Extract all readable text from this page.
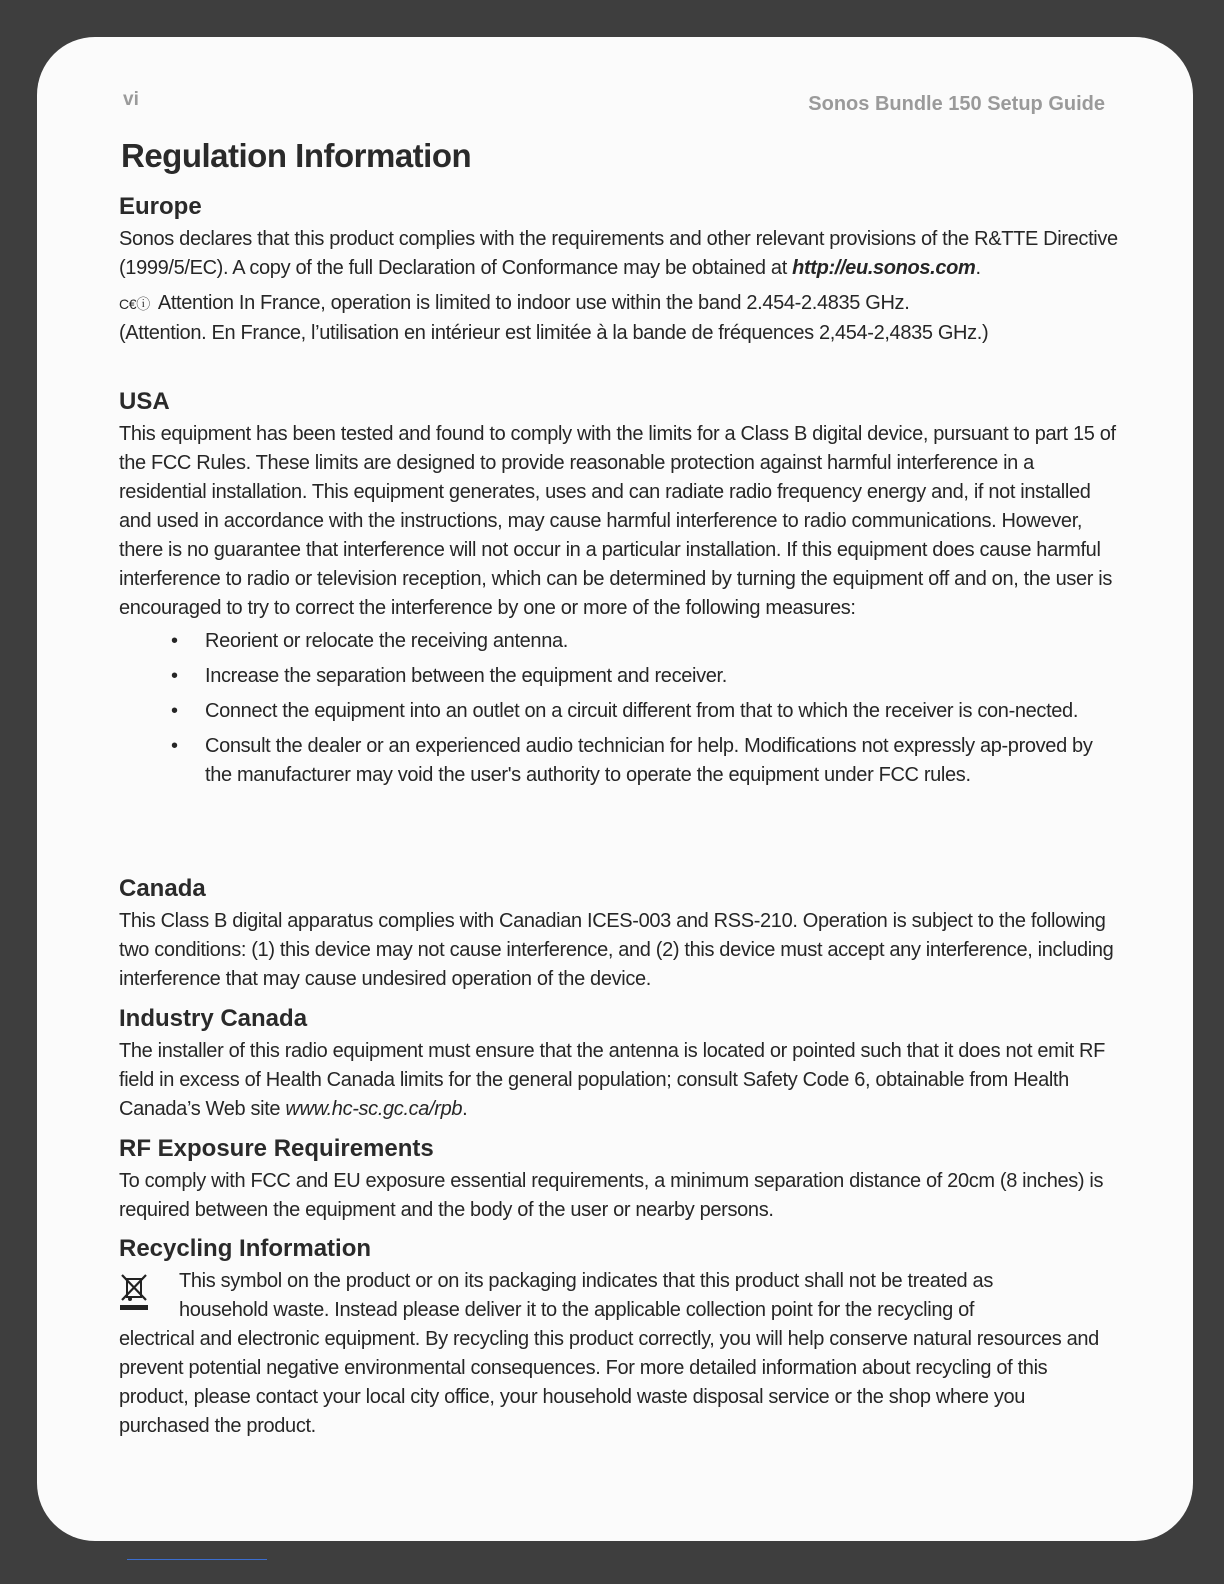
vi	Sonos Bundle 150 Setup Guide
Regulation Information
Europe

Sonos declares that this product complies with the requirements and other relevant provisions of the R&TTE Directive (1999/5/EC). A copy of the full Declaration of Conformance may be obtained at http://eu.sonos.com.

C€ⓘ Attention In France, operation is limited to indoor use within the band 2.454-2.4835 GHz.
(Attention. En France, l’utilisation en intérieur est limitée à la bande de fréquences 2,454-2,4835 GHz.)

USA

This equipment has been tested and found to comply with the limits for a Class B digital device, pursuant to part 15 of the FCC Rules. These limits are designed to provide reasonable protection against harmful interference in a residential installation. This equipment generates, uses and can radiate radio frequency energy and, if not installed and used in accordance with the instructions, may cause harmful interference to radio communications. However, there is no guarantee that interference will not occur in a particular installation. If this equipment does cause harmful interference to radio or television reception, which can be determined by turning the equipment off and on, the user is encouraged to try to correct the interference by one or more of the following measures:

• Reorient or relocate the receiving antenna.
• Increase the separation between the equipment and receiver.
• Connect the equipment into an outlet on a circuit different from that to which the receiver is con-nected.
• Consult the dealer or an experienced audio technician for help. Modifications not expressly ap-proved by the manufacturer may void the user's authority to operate the equipment under FCC rules.
Canada

This Class B digital apparatus complies with Canadian ICES-003 and RSS-210. Operation is subject to the following two conditions: (1) this device may not cause interference, and (2) this device must accept any interference, including interference that may cause undesired operation of the device.

Industry Canada

The installer of this radio equipment must ensure that the antenna is located or pointed such that it does not emit RF field in excess of Health Canada limits for the general population; consult Safety Code 6, obtainable from Health Canada’s Web site www.hc-sc.gc.ca/rpb.

RF Exposure Requirements

To comply with FCC and EU exposure essential requirements, a minimum separation distance of 20cm (8 inches) is required between the equipment and the body of the user or nearby persons.

Recycling Information

This symbol on the product or on its packaging indicates that this product shall not be treated as

household waste. Instead please deliver it to the applicable collection point for the recycling of

electrical and electronic equipment. By recycling this product correctly, you will help conserve natural resources and prevent potential negative environmental consequences. For more detailed information about recycling of this product, please contact your local city office, your household waste disposal service or the shop where you purchased the product.
